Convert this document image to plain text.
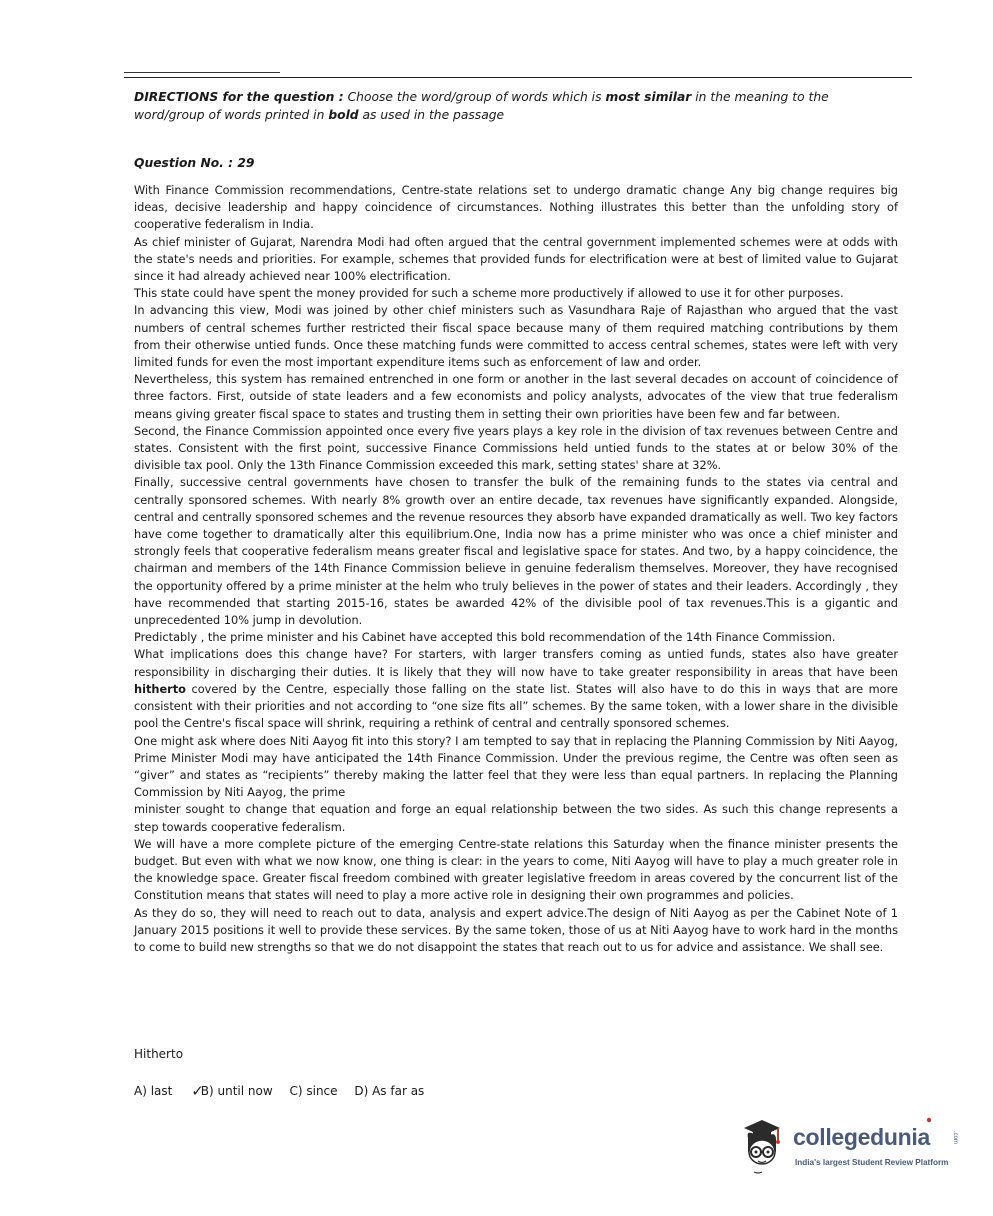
DIRECTIONS for the question : Choose the word/group of words which is most similar in the meaning to the word/group of words printed in bold as used in the passage
Question No. : 29

With Finance Commission recommendations, Centre-state relations set to undergo dramatic change Any big change requires big ideas, decisive leadership and happy coincidence of circumstances. Nothing illustrates this better than the unfolding story of cooperative federalism in India.

As chief minister of Gujarat, Narendra Modi had often argued that the central government implemented schemes were at odds with the state's needs and priorities. For example, schemes that provided funds for electrification were at best of limited value to Gujarat since it had already achieved near 100% electrification.

This state could have spent the money provided for such a scheme more productively if allowed to use it for other purposes.

In advancing this view, Modi was joined by other chief ministers such as Vasundhara Raje of Rajasthan who argued that the vast numbers of central schemes further restricted their fiscal space because many of them required matching contributions by them from their otherwise untied funds. Once these matching funds were committed to access central schemes, states were left with very limited funds for even the most important expenditure items such as enforcement of law and order.

Nevertheless, this system has remained entrenched in one form or another in the last several decades on account of coincidence of three factors. First, outside of state leaders and a few economists and policy analysts, advocates of the view that true federalism means giving greater fiscal space to states and trusting them in setting their own priorities have been few and far between.

Second, the Finance Commission appointed once every five years plays a key role in the division of tax revenues between Centre and states. Consistent with the first point, successive Finance Commissions held untied funds to the states at or below 30% of the divisible tax pool. Only the 13th Finance Commission exceeded this mark, setting states' share at 32%.

Finally, successive central governments have chosen to transfer the bulk of the remaining funds to the states via central and centrally sponsored schemes. With nearly 8% growth over an entire decade, tax revenues have significantly expanded. Alongside, central and centrally sponsored schemes and the revenue resources they absorb have expanded dramatically as well. Two key factors have come together to dramatically alter this equilibrium.One, India now has a prime minister who was once a chief minister and strongly feels that cooperative federalism means greater fiscal and legislative space for states. And two, by a happy coincidence, the chairman and members of the 14th Finance Commission believe in genuine federalism themselves. Moreover, they have recognised the opportunity offered by a prime minister at the helm who truly believes in the power of states and their leaders. Accordingly , they have recommended that starting 2015-16, states be awarded 42% of the divisible pool of tax revenues.This is a gigantic and unprecedented 10% jump in devolution.

Predictably , the prime minister and his Cabinet have accepted this bold recommendation of the 14th Finance Commission.

What implications does this change have? For starters, with larger transfers coming as untied funds, states also have greater responsibility in discharging their duties. It is likely that they will now have to take greater responsibility in areas that have been hitherto covered by the Centre, especially those falling on the state list. States will also have to do this in ways that are more consistent with their priorities and not according to “one size fits all” schemes. By the same token, with a lower share in the divisible pool the Centre's fiscal space will shrink, requiring a rethink of central and centrally sponsored schemes.

One might ask where does Niti Aayog fit into this story? I am tempted to say that in replacing the Planning Commission by Niti Aayog, Prime Minister Modi may have anticipated the 14th Finance Commission. Under the previous regime, the Centre was often seen as “giver” and states as “recipients” thereby making the latter feel that they were less than equal partners. In replacing the Planning Commission by Niti Aayog, the prime

minister sought to change that equation and forge an equal relationship between the two sides. As such this change represents a step towards cooperative federalism.

We will have a more complete picture of the emerging Centre-state relations this Saturday when the finance minister presents the budget. But even with what we now know, one thing is clear: in the years to come, Niti Aayog will have to play a much greater role in the knowledge space. Greater fiscal freedom combined with greater legislative freedom in areas covered by the concurrent list of the Constitution means that states will need to play a more active role in designing their own programmes and policies.

As they do so, they will need to reach out to data, analysis and expert advice.The design of Niti Aayog as per the Cabinet Note of 1 January 2015 positions it well to provide these services. By the same token, those of us at Niti Aayog have to work hard in the months to come to build new strengths so that we do not disappoint the states that reach out to us for advice and assistance. We shall see.

Hitherto
A) last ✓B) until now C) since D) As far as
collegedunia	.com
India's largest Student Review Platform
